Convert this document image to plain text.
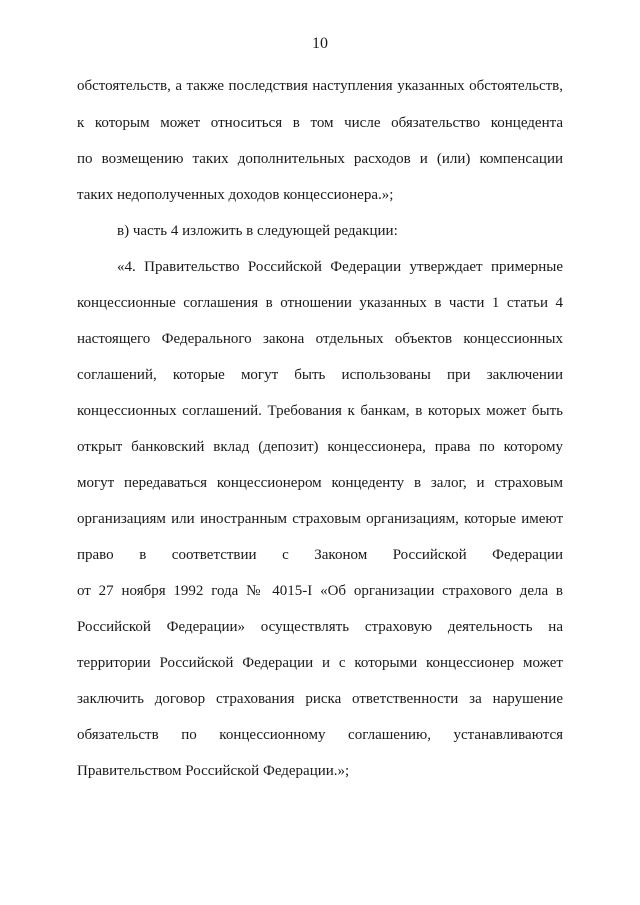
10
обстоятельств, а также последствия наступления указанных обстоятельств,
к которым может относиться в том числе обязательство концедента
по возмещению таких дополнительных расходов и (или) компенсации
таких недополученных доходов концессионера.»;
в) часть 4 изложить в следующей редакции:
«4. Правительство Российской Федерации утверждает примерные
концессионные соглашения в отношении указанных в части 1 статьи 4
настоящего Федерального закона отдельных объектов концессионных
соглашений, которые могут быть использованы при заключении
концессионных соглашений. Требования к банкам, в которых может быть
открыт банковский вклад (депозит) концессионера, права по которому
могут передаваться концессионером концеденту в залог, и страховым
организациям или иностранным страховым организациям, которые имеют
право в соответствии с Законом Российской Федерации
от 27 ноября 1992 года № 4015-I «Об организации страхового дела в
Российской Федерации» осуществлять страховую деятельность на
территории Российской Федерации и с которыми концессионер может
заключить договор страхования риска ответственности за нарушение
обязательств по концессионному соглашению, устанавливаются
Правительством Российской Федерации.»;
